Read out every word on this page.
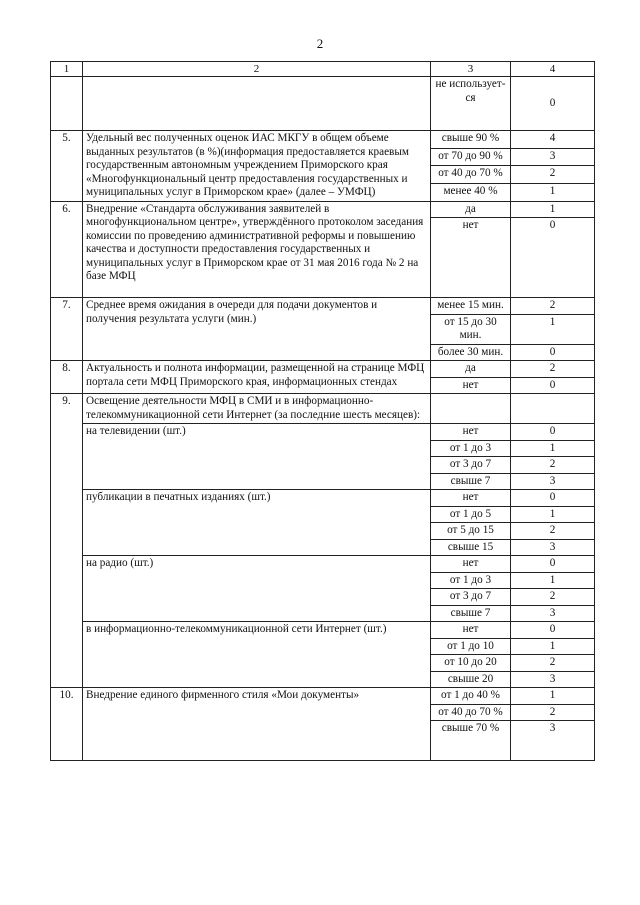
2
1	2	3	4
		не использует-ся	0
5.	Удельный вес полученных оценок ИАС МКГУ в общем объеме выданных результатов (в %)(информация предоставляется краевым государственным автономным учреждением Приморского края «Многофункциональный центр предоставления государственных и муниципальных услуг в Приморском крае» (далее – УМФЦ)	свыше 90 %	4
		от 70 до 90 %	3
		от 40 до 70 %	2
		менее 40 %	1
6.	Внедрение «Стандарта обслуживания заявителей в многофункциональном центре», утверждённого протоколом заседания комиссии по проведению административной реформы и повышению качества и доступности предоставления государственных и муниципальных услуг в Приморском крае от 31 мая 2016 года № 2 на базе МФЦ	да	1
		нет	0
7.	Среднее время ожидания в очереди для подачи документов и получения результата услуги (мин.)	менее 15 мин.	2
		от 15 до 30 мин.	1
		более 30 мин.	0
8.	Актуальность и полнота информации, размещенной на странице МФЦ портала сети МФЦ Приморского края, информационных стендах	да	2
		нет	0
9.	Освещение деятельности МФЦ в СМИ и в информационно-телекоммуникационной сети Интернет (за последние шесть месяцев):		
	на телевидении (шт.)	нет	0
		от 1 до 3	1
		от 3 до 7	2
		свыше 7	3
	публикации в печатных изданиях (шт.)	нет	0
		от 1 до 5	1
		от 5 до 15	2
		свыше 15	3
	на радио (шт.)	нет	0
		от 1 до 3	1
		от 3 до 7	2
		свыше 7	3
	в информационно-телекоммуникационной сети Интернет (шт.)	нет	0
		от 1 до 10	1
		от 10 до 20	2
		свыше 20	3
10.	Внедрение единого фирменного стиля «Мои документы»	от 1 до 40 %	1
		от 40 до 70 %	2
		свыше 70 %	3
